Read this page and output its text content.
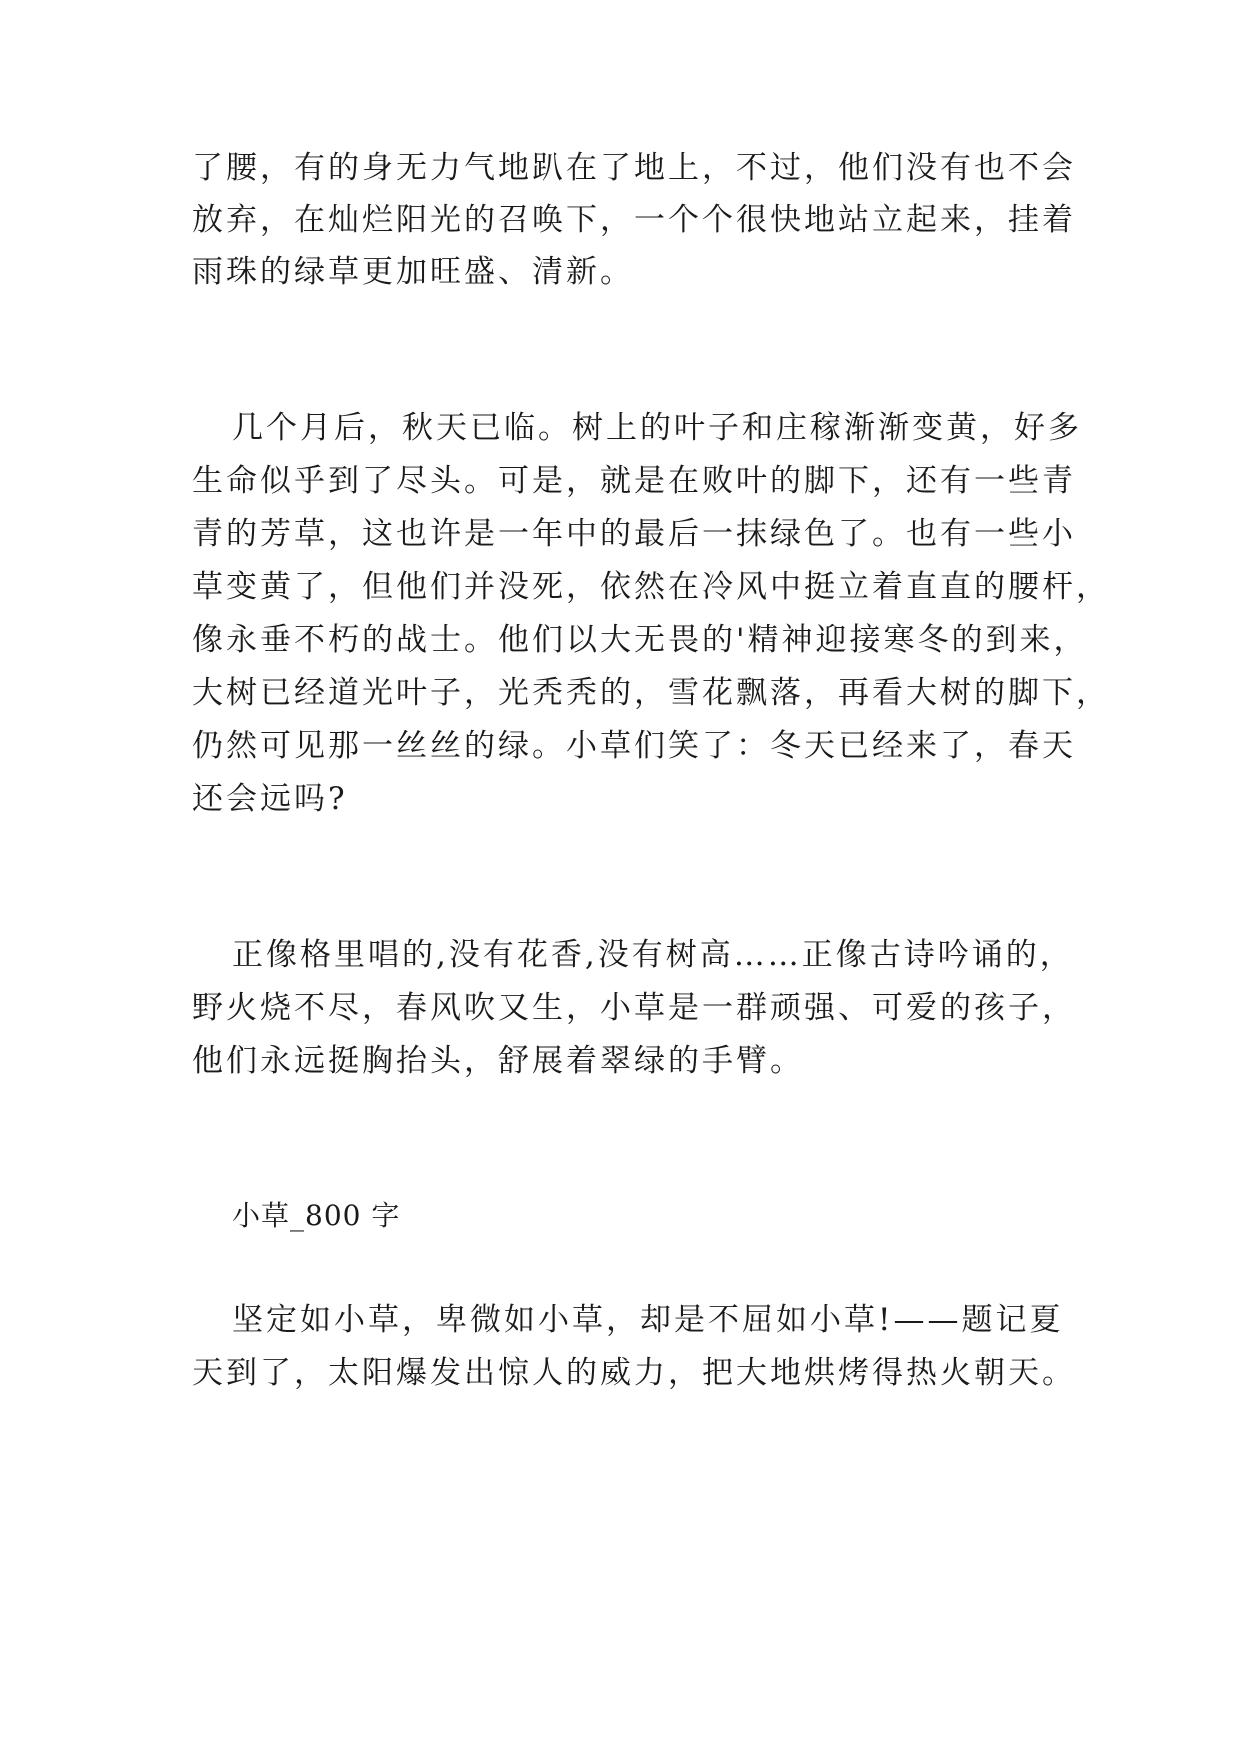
了腰，有的身无力气地趴在了地上，不过，他们没有也不会
放弃，在灿烂阳光的召唤下，一个个很快地站立起来，挂着
雨珠的绿草更加旺盛、清新。
几个月后，秋天已临。树上的叶子和庄稼渐渐变黄，好多
生命似乎到了尽头。可是，就是在败叶的脚下，还有一些青
青的芳草，这也许是一年中的最后一抹绿色了。也有一些小
草变黄了，但他们并没死，依然在冷风中挺立着直直的腰杆，
像永垂不朽的战士。他们以大无畏的'精神迎接寒冬的到来，
大树已经道光叶子，光秃秃的，雪花飘落，再看大树的脚下，
仍然可见那一丝丝的绿。小草们笑了：冬天已经来了，春天
还会远吗?
正像格里唱的,没有花香,没有树高……正像古诗吟诵的，
野火烧不尽，春风吹又生，小草是一群顽强、可爱的孩子，
他们永远挺胸抬头，舒展着翠绿的手臂。
小草_800 字
坚定如小草，卑微如小草，却是不屈如小草!——题记夏
天到了，太阳爆发出惊人的威力，把大地烘烤得热火朝天。
